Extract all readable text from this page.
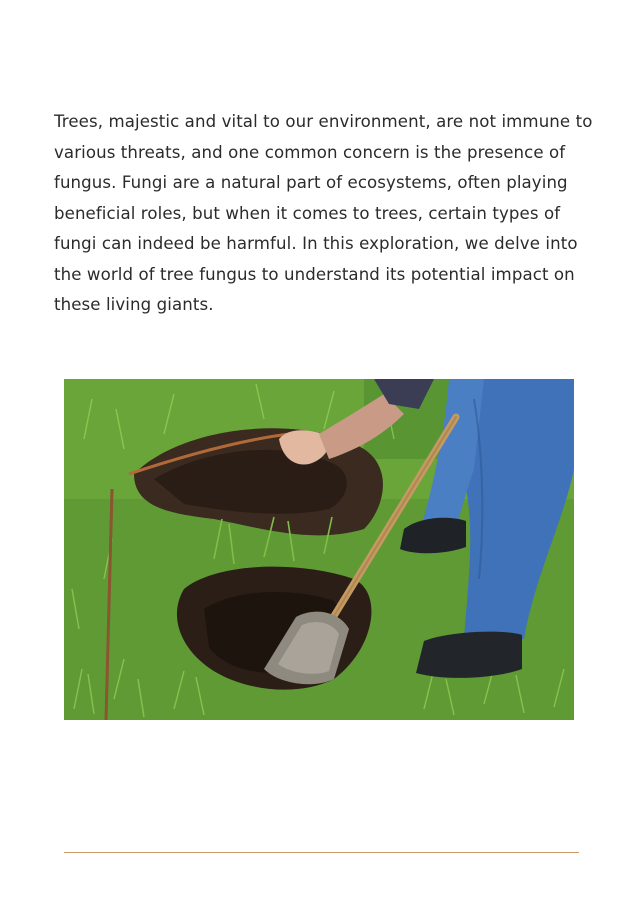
Trees, majestic and vital to our environment, are not immune to various threats, and one common concern is the presence of fungus. Fungi are a natural part of ecosystems, often playing beneficial roles, but when it comes to trees, certain types of fungi can indeed be harmful. In this exploration, we delve into the world of tree fungus to understand its potential impact on these living giants.
